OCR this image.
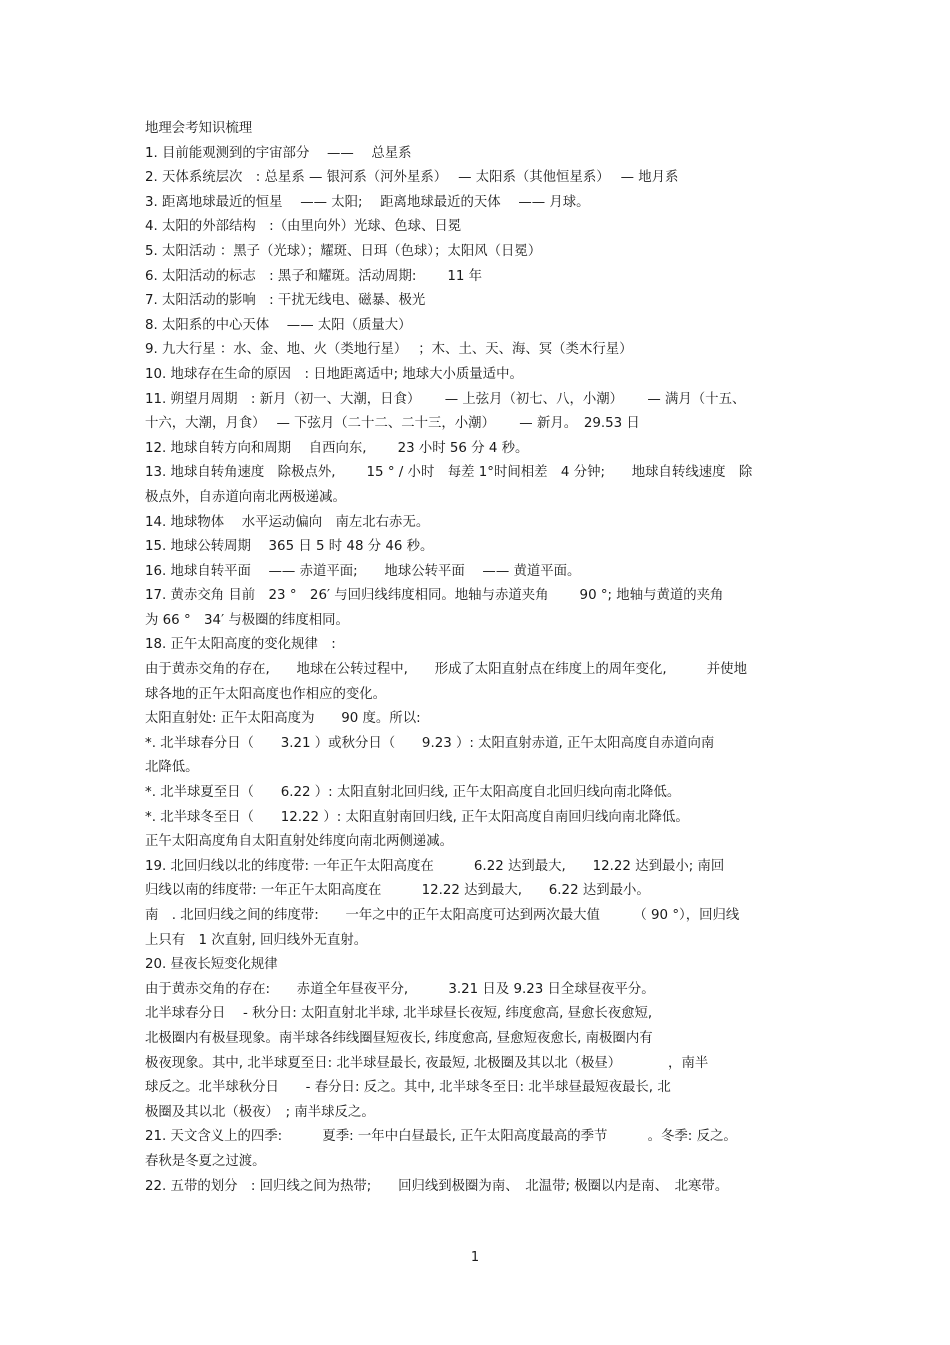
地理会考知识梳理
1. 目前能观测到的宇宙部分　 ——　 总星系
2. 天体系统层次　: 总星系 — 银河系（河外星系）　 — 太阳系（其他恒星系）　 — 地月系
3. 距离地球最近的恒星　 —— 太阳;　 距离地球最近的天体　 —— 月球。
4. 太阳的外部结构　:（由里向外）光球、色球、日冕
5. 太阳活动 ：黑子（光球）；耀斑、日珥（色球）；太阳风（日冕）
6. 太阳活动的标志　: 黑子和耀斑。活动周期:　　 11 年
7. 太阳活动的影响　: 干扰无线电、磁暴、极光
8. 太阳系的中心天体　 —— 太阳（质量大）
9. 九大行星 ：水、金、地、火（类地行星）　 ；木、土、天、海、冥（类木行星）
10. 地球存在生命的原因　: 日地距离适中; 地球大小质量适中。
11. 朔望月周期　: 新月（初一、大潮，日食）　　 — 上弦月（初七、八，小潮）　　 — 满月（十五、
十六，大潮，月食）　 — 下弦月（二十二、二十三，小潮）　　 — 新月。　29.53 日
12. 地球自转方向和周期　 自西向东,　　 23 小时 56 分 4 秒。
13. 地球自转角速度　除极点外,　　 15 ° / 小时　每差 1°时间相差　4 分钟;　　地球自转线速度　除
极点外，自赤道向南北两极递减。
14. 地球物体　 水平运动偏向　南左北右赤无。
15. 地球公转周期　 365 日 5 时 48 分 46 秒。
16. 地球自转平面　 —— 赤道平面;　　地球公转平面　 —— 黄道平面。
17. 黄赤交角 目前　23 °　26′ 与回归线纬度相同。地轴与赤道夹角　　 90 °; 地轴与黄道的夹角
为 66 °　34′ 与极圈的纬度相同。
18. 正午太阳高度的变化规律　:
由于黄赤交角的存在,　　地球在公转过程中,　　形成了太阳直射点在纬度上的周年变化,　　　并使地
球各地的正午太阳高度也作相应的变化。
太阳直射处: 正午太阳高度为　　90 度。所以:
*. 北半球春分日（　　3.21 ）或秋分日（　　9.23 ）: 太阳直射赤道, 正午太阳高度自赤道向南
北降低。
*. 北半球夏至日（　　6.22 ）: 太阳直射北回归线, 正午太阳高度自北回归线向南北降低。
*. 北半球冬至日（　　12.22 ）: 太阳直射南回归线, 正午太阳高度自南回归线向南北降低。
正午太阳高度角自太阳直射处纬度向南北两侧递减。
19. 北回归线以北的纬度带: 一年正午太阳高度在　　　6.22 达到最大,　　12.22 达到最小; 南回
归线以南的纬度带: 一年正午太阳高度在　　　12.22 达到最大,　　6.22 达到最小。
南　. 北回归线之间的纬度带:　　一年之中的正午太阳高度可达到两次最大值　　　（ 90 °），回归线
上只有　1 次直射, 回归线外无直射。
20. 昼夜长短变化规律
由于黄赤交角的存在:　　赤道全年昼夜平分,　　　3.21 日及 9.23 日全球昼夜平分。
北半球春分日　 - 秋分日: 太阳直射北半球, 北半球昼长夜短, 纬度愈高, 昼愈长夜愈短,
北极圈内有极昼现象。南半球各纬线圈昼短夜长, 纬度愈高, 昼愈短夜愈长, 南极圈内有
极夜现象。其中, 北半球夏至日: 北半球昼最长, 夜最短, 北极圈及其以北（极昼）　　　　，南半
球反之。北半球秋分日　　- 春分日: 反之。其中, 北半球冬至日: 北半球昼最短夜最长, 北
极圈及其以北（极夜）　; 南半球反之。
21. 天文含义上的四季:　　　夏季: 一年中白昼最长, 正午太阳高度最高的季节　　　。冬季: 反之。
春秋是冬夏之过渡。
22. 五带的划分　: 回归线之间为热带;　　回归线到极圈为南、　北温带; 极圈以内是南、　北寒带。
1
